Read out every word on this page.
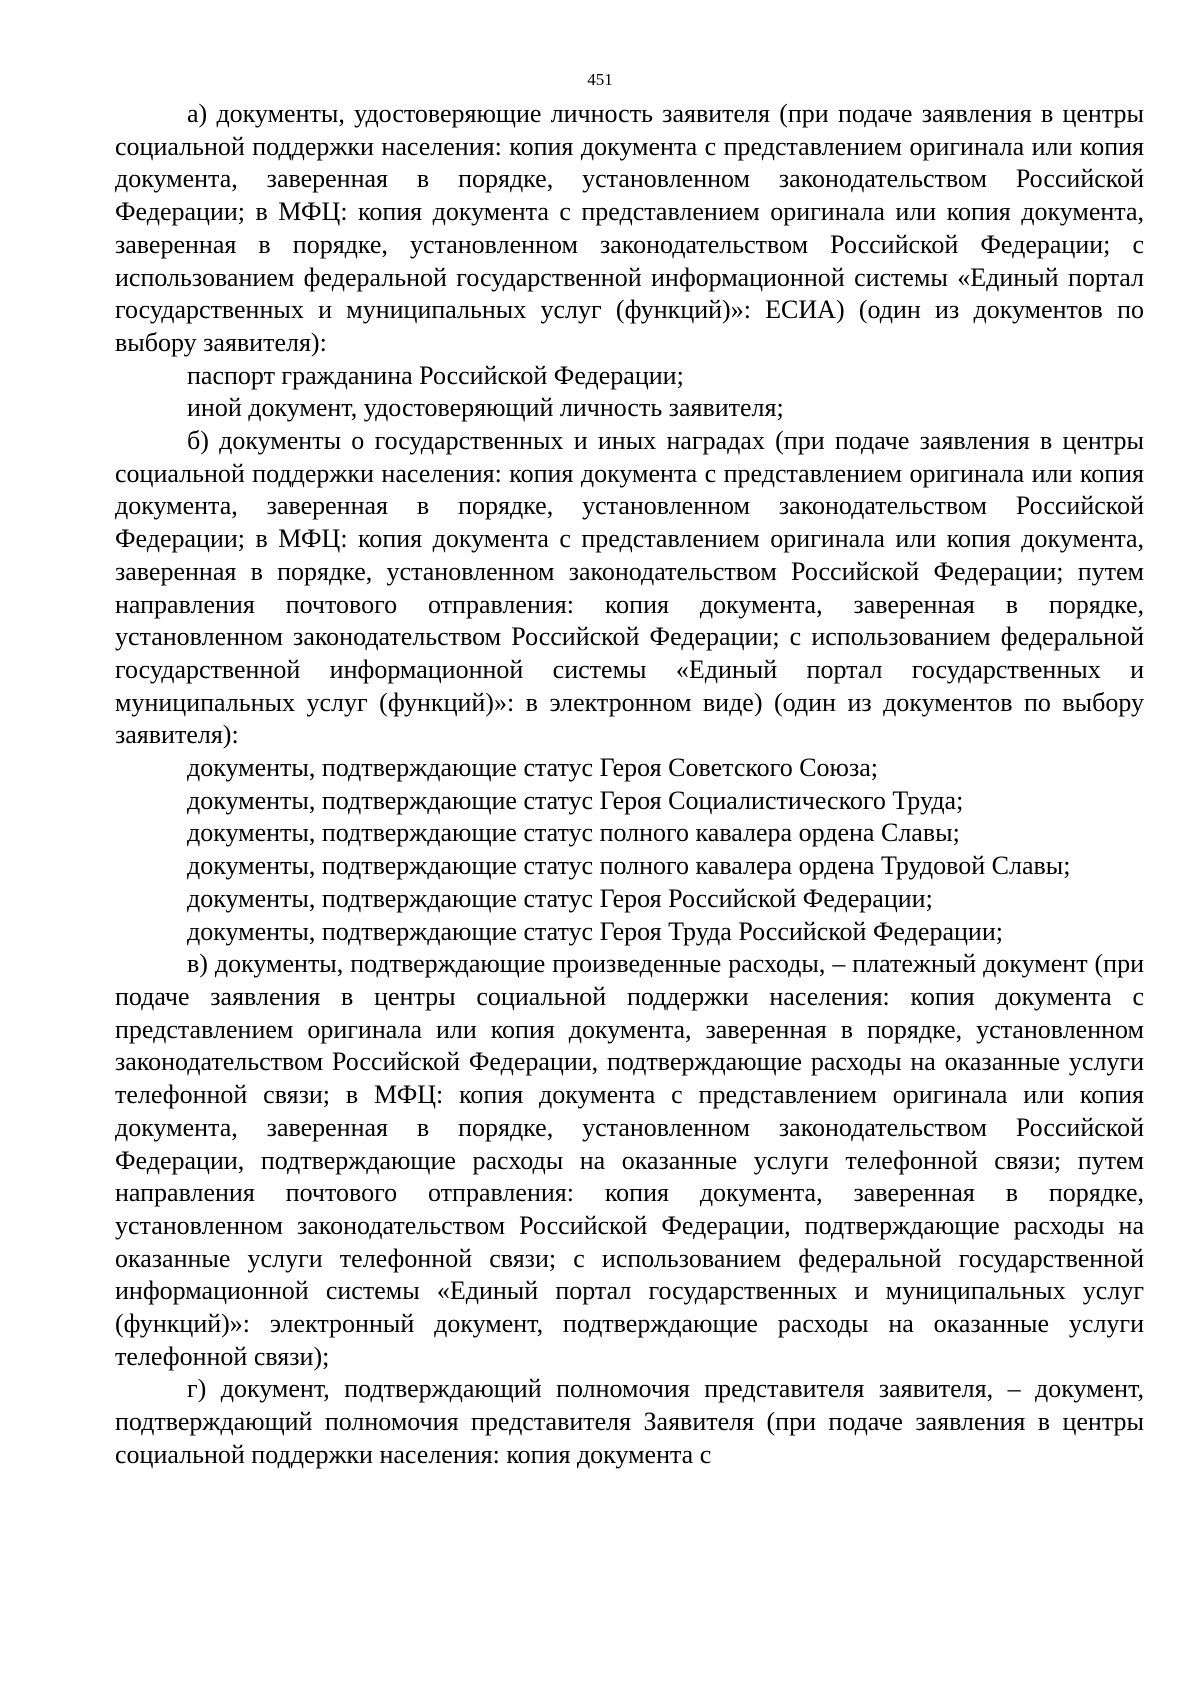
451

а) документы, удостоверяющие личность заявителя (при подаче заявления в центры социальной поддержки населения: копия документа с представлением оригинала или копия документа, заверенная в порядке, установленном законодательством Российской Федерации; в МФЦ: копия документа с представлением оригинала или копия документа, заверенная в порядке, установленном законодательством Российской Федерации; с использованием федеральной государственной информационной системы «Единый портал государственных и муниципальных услуг (функций)»: ЕСИА) (один из документов по выбору заявителя):

паспорт гражданина Российской Федерации;

иной документ, удостоверяющий личность заявителя;

б) документы о государственных и иных наградах (при подаче заявления в центры социальной поддержки населения: копия документа с представлением оригинала или копия документа, заверенная в порядке, установленном законодательством Российской Федерации; в МФЦ: копия документа с представлением оригинала или копия документа, заверенная в порядке, установленном законодательством Российской Федерации; путем направления почтового отправления: копия документа, заверенная в порядке, установленном законодательством Российской Федерации; с использованием федеральной государственной информационной системы «Единый портал государственных и муниципальных услуг (функций)»: в электронном виде) (один из документов по выбору заявителя):

документы, подтверждающие статус Героя Советского Союза;

документы, подтверждающие статус Героя Социалистического Труда;

документы, подтверждающие статус полного кавалера ордена Славы;

документы, подтверждающие статус полного кавалера ордена Трудовой Славы;

документы, подтверждающие статус Героя Российской Федерации;

документы, подтверждающие статус Героя Труда Российской Федерации;

в) документы, подтверждающие произведенные расходы, – платежный документ (при подаче заявления в центры социальной поддержки населения: копия документа с представлением оригинала или копия документа, заверенная в порядке, установленном законодательством Российской Федерации, подтверждающие расходы на оказанные услуги телефонной связи; в МФЦ: копия документа с представлением оригинала или копия документа, заверенная в порядке, установленном законодательством Российской Федерации, подтверждающие расходы на оказанные услуги телефонной связи; путем направления почтового отправления: копия документа, заверенная в порядке, установленном законодательством Российской Федерации, подтверждающие расходы на оказанные услуги телефонной связи; с использованием федеральной государственной информационной системы «Единый портал государственных и муниципальных услуг (функций)»: электронный документ, подтверждающие расходы на оказанные услуги телефонной связи);

г) документ, подтверждающий полномочия представителя заявителя, – документ, подтверждающий полномочия представителя Заявителя (при подаче заявления в центры социальной поддержки населения: копия документа с
